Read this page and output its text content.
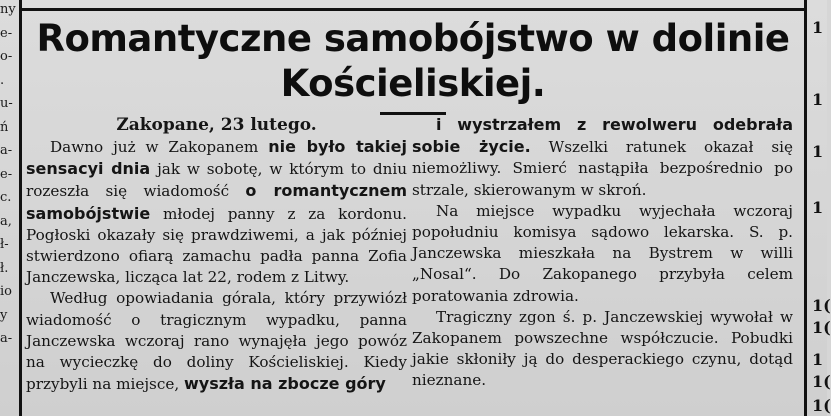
ny
e-
o-
.
u-
ń
a-
e-
c.
a,
ł-
ł.
io
y
a-
Romantyczne samobójstwo w dolinie
Kościeliskiej.

Zakopane, 23 lutego.

Dawno już w Zakopanem nie było takiej sensacyi dnia jak w sobotę, w którym to dniu rozeszła się wiadomość o romantycznem samobójstwie młodej panny z za kordonu. Pogłoski okazały się prawdziwemi, a jak później stwierdzono ofiarą zamachu padła panna Zofia Janczewska, licząca lat 22, rodem z Litwy.

Według opowiadania górala, który przywiózł wiadomość o tragicznym wypadku, panna Janczewska wczoraj rano wynajęła jego powóz na wycieczkę do doliny Kościeliskiej. Kiedy przybyli na miejsce, wyszła na zbocze góry

i wystrzałem z rewolweru odebrała sobie życie. Wszelki ratunek okazał się niemożliwy. Smierć nastąpiła bezpośrednio po strzale, skierowanym w skroń.

Na miejsce wypadku wyjechała wczoraj popołudniu komisya sądowo lekarska. S. p. Janczewska mieszkała na Bystrem w willi „Nosal“. Do Zakopanego przybyła celem poratowania zdrowia.

Tragiczny zgon ś. p. Janczewskiej wywołał w Zakopanem powszechne współczucie. Pobudki jakie skłoniły ją do desperackiego czynu, dotąd nieznane.

1
1
1
1
1(
1(
1
1(
1(
